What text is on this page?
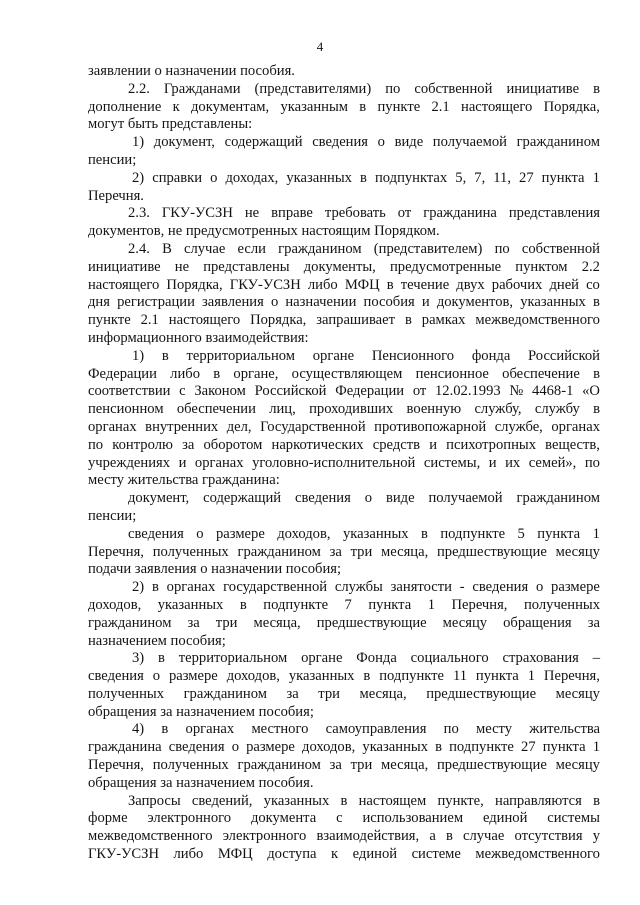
4
заявлении о назначении пособия.
2.2. Гражданами (представителями) по собственной инициативе в
дополнение к документам, указанным в пункте 2.1 настоящего Порядка,
могут быть представлены:
1) документ, содержащий сведения о виде получаемой гражданином
пенсии;
2) справки о доходах, указанных в подпунктах 5, 7, 11, 27 пункта 1
Перечня.
2.3. ГКУ-УСЗН не вправе требовать от гражданина представления
документов, не предусмотренных настоящим Порядком.
2.4. В случае если гражданином (представителем) по собственной
инициативе не представлены документы, предусмотренные пунктом 2.2
настоящего Порядка, ГКУ-УСЗН либо МФЦ в течение двух рабочих дней со
дня регистрации заявления о назначении пособия и документов, указанных в
пункте 2.1 настоящего Порядка, запрашивает в рамках межведомственного
информационного взаимодействия:
1) в территориальном органе Пенсионного фонда Российской
Федерации либо в органе, осуществляющем пенсионное обеспечение в
соответствии с Законом Российской Федерации от 12.02.1993 № 4468-1 «О
пенсионном обеспечении лиц, проходивших военную службу, службу в
органах внутренних дел, Государственной противопожарной службе, органах
по контролю за оборотом наркотических средств и психотропных веществ,
учреждениях и органах уголовно-исполнительной системы, и их семей», по
месту жительства гражданина:
документ, содержащий сведения о виде получаемой гражданином
пенсии;
сведения о размере доходов, указанных в подпункте 5 пункта 1
Перечня, полученных гражданином за три месяца, предшествующие месяцу
подачи заявления о назначении пособия;
2) в органах государственной службы занятости - сведения о размере
доходов, указанных в подпункте 7 пункта 1 Перечня, полученных
гражданином за три месяца, предшествующие месяцу обращения за
назначением пособия;
3) в территориальном органе Фонда социального страхования –
сведения о размере доходов, указанных в подпункте 11 пункта 1 Перечня,
полученных гражданином за три месяца, предшествующие месяцу
обращения за назначением пособия;
4) в органах местного самоуправления по месту жительства
гражданина сведения о размере доходов, указанных в подпункте 27 пункта 1
Перечня, полученных гражданином за три месяца, предшествующие месяцу
обращения за назначением пособия.
Запросы сведений, указанных в настоящем пункте, направляются в
форме электронного документа с использованием единой системы
межведомственного электронного взаимодействия, а в случае отсутствия у
ГКУ-УСЗН либо МФЦ доступа к единой системе межведомственного
